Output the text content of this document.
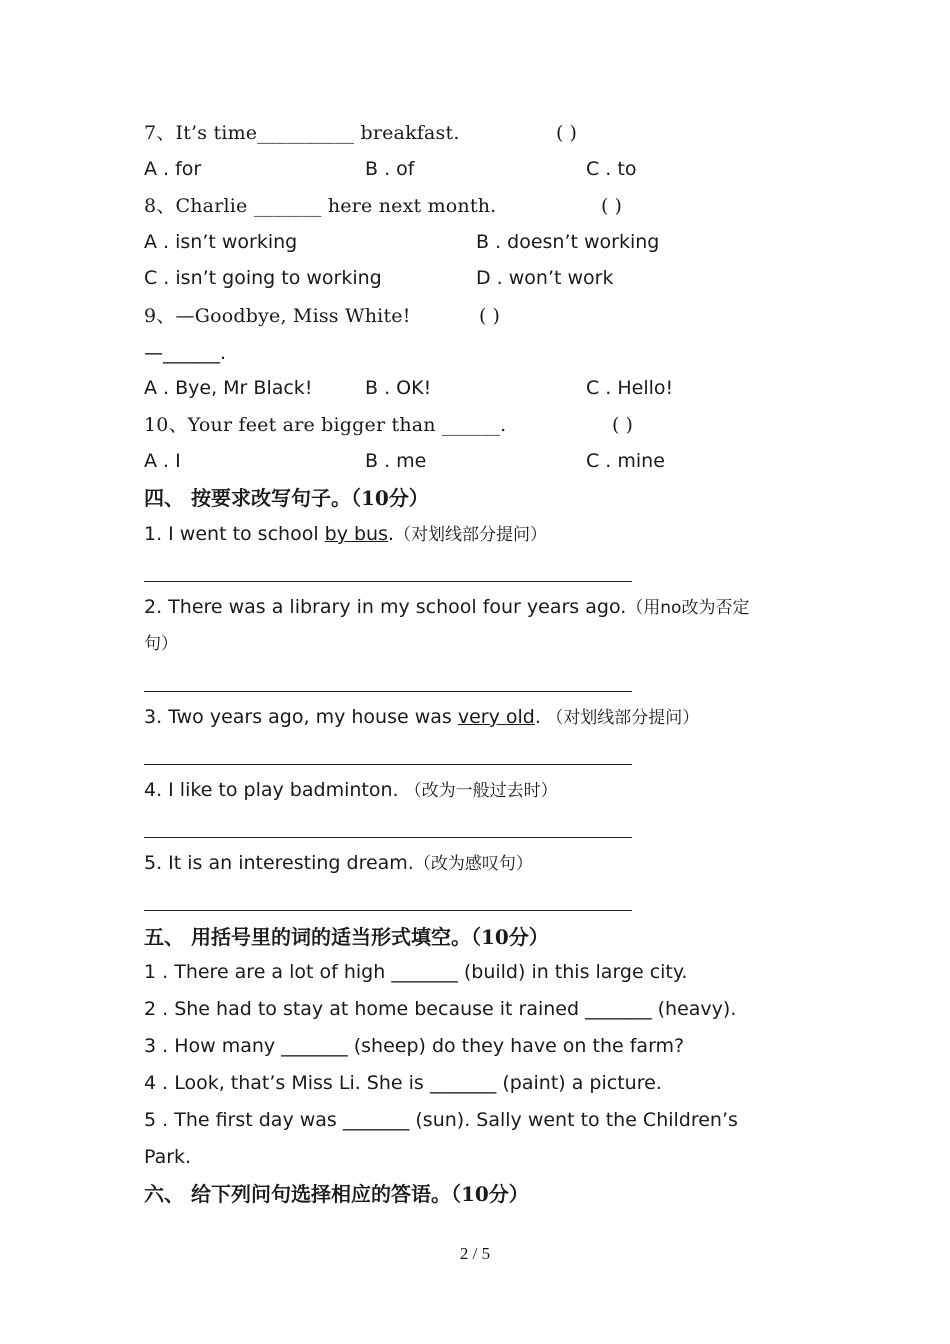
7、It’s time__________ breakfast.	( )
A . for	B . of	C . to
8、Charlie _______ here next month.	( )
A . isn’t working	B . doesn’t working
C . isn’t going to working	D . won’t work
9、—Goodbye, Miss White!	( )
—______.
A . Bye, Mr Black!	B . OK!	C . Hello!
10、Your feet are bigger than ______.	( )
A . I	B . me	C . mine
四、 按要求改写句子。（10分）
1. I went to school by bus.（对划线部分提问）
2. There was a library in my school four years ago.（用no改为否定
句）
3. Two years ago, my house was very old. （对划线部分提问）
4. I like to play badminton. （改为一般过去时）
5. It is an interesting dream.（改为感叹句）
五、 用括号里的词的适当形式填空。（10分）
1 . There are a lot of high _______ (build) in this large city.
2 . She had to stay at home because it rained _______ (heavy).
3 . How many _______ (sheep) do they have on the farm?
4 . Look, that’s Miss Li. She is _______ (paint) a picture.
5 . The first day was _______ (sun). Sally went to the Children’s
Park.
六、 给下列问句选择相应的答语。（10分）
2 / 5
